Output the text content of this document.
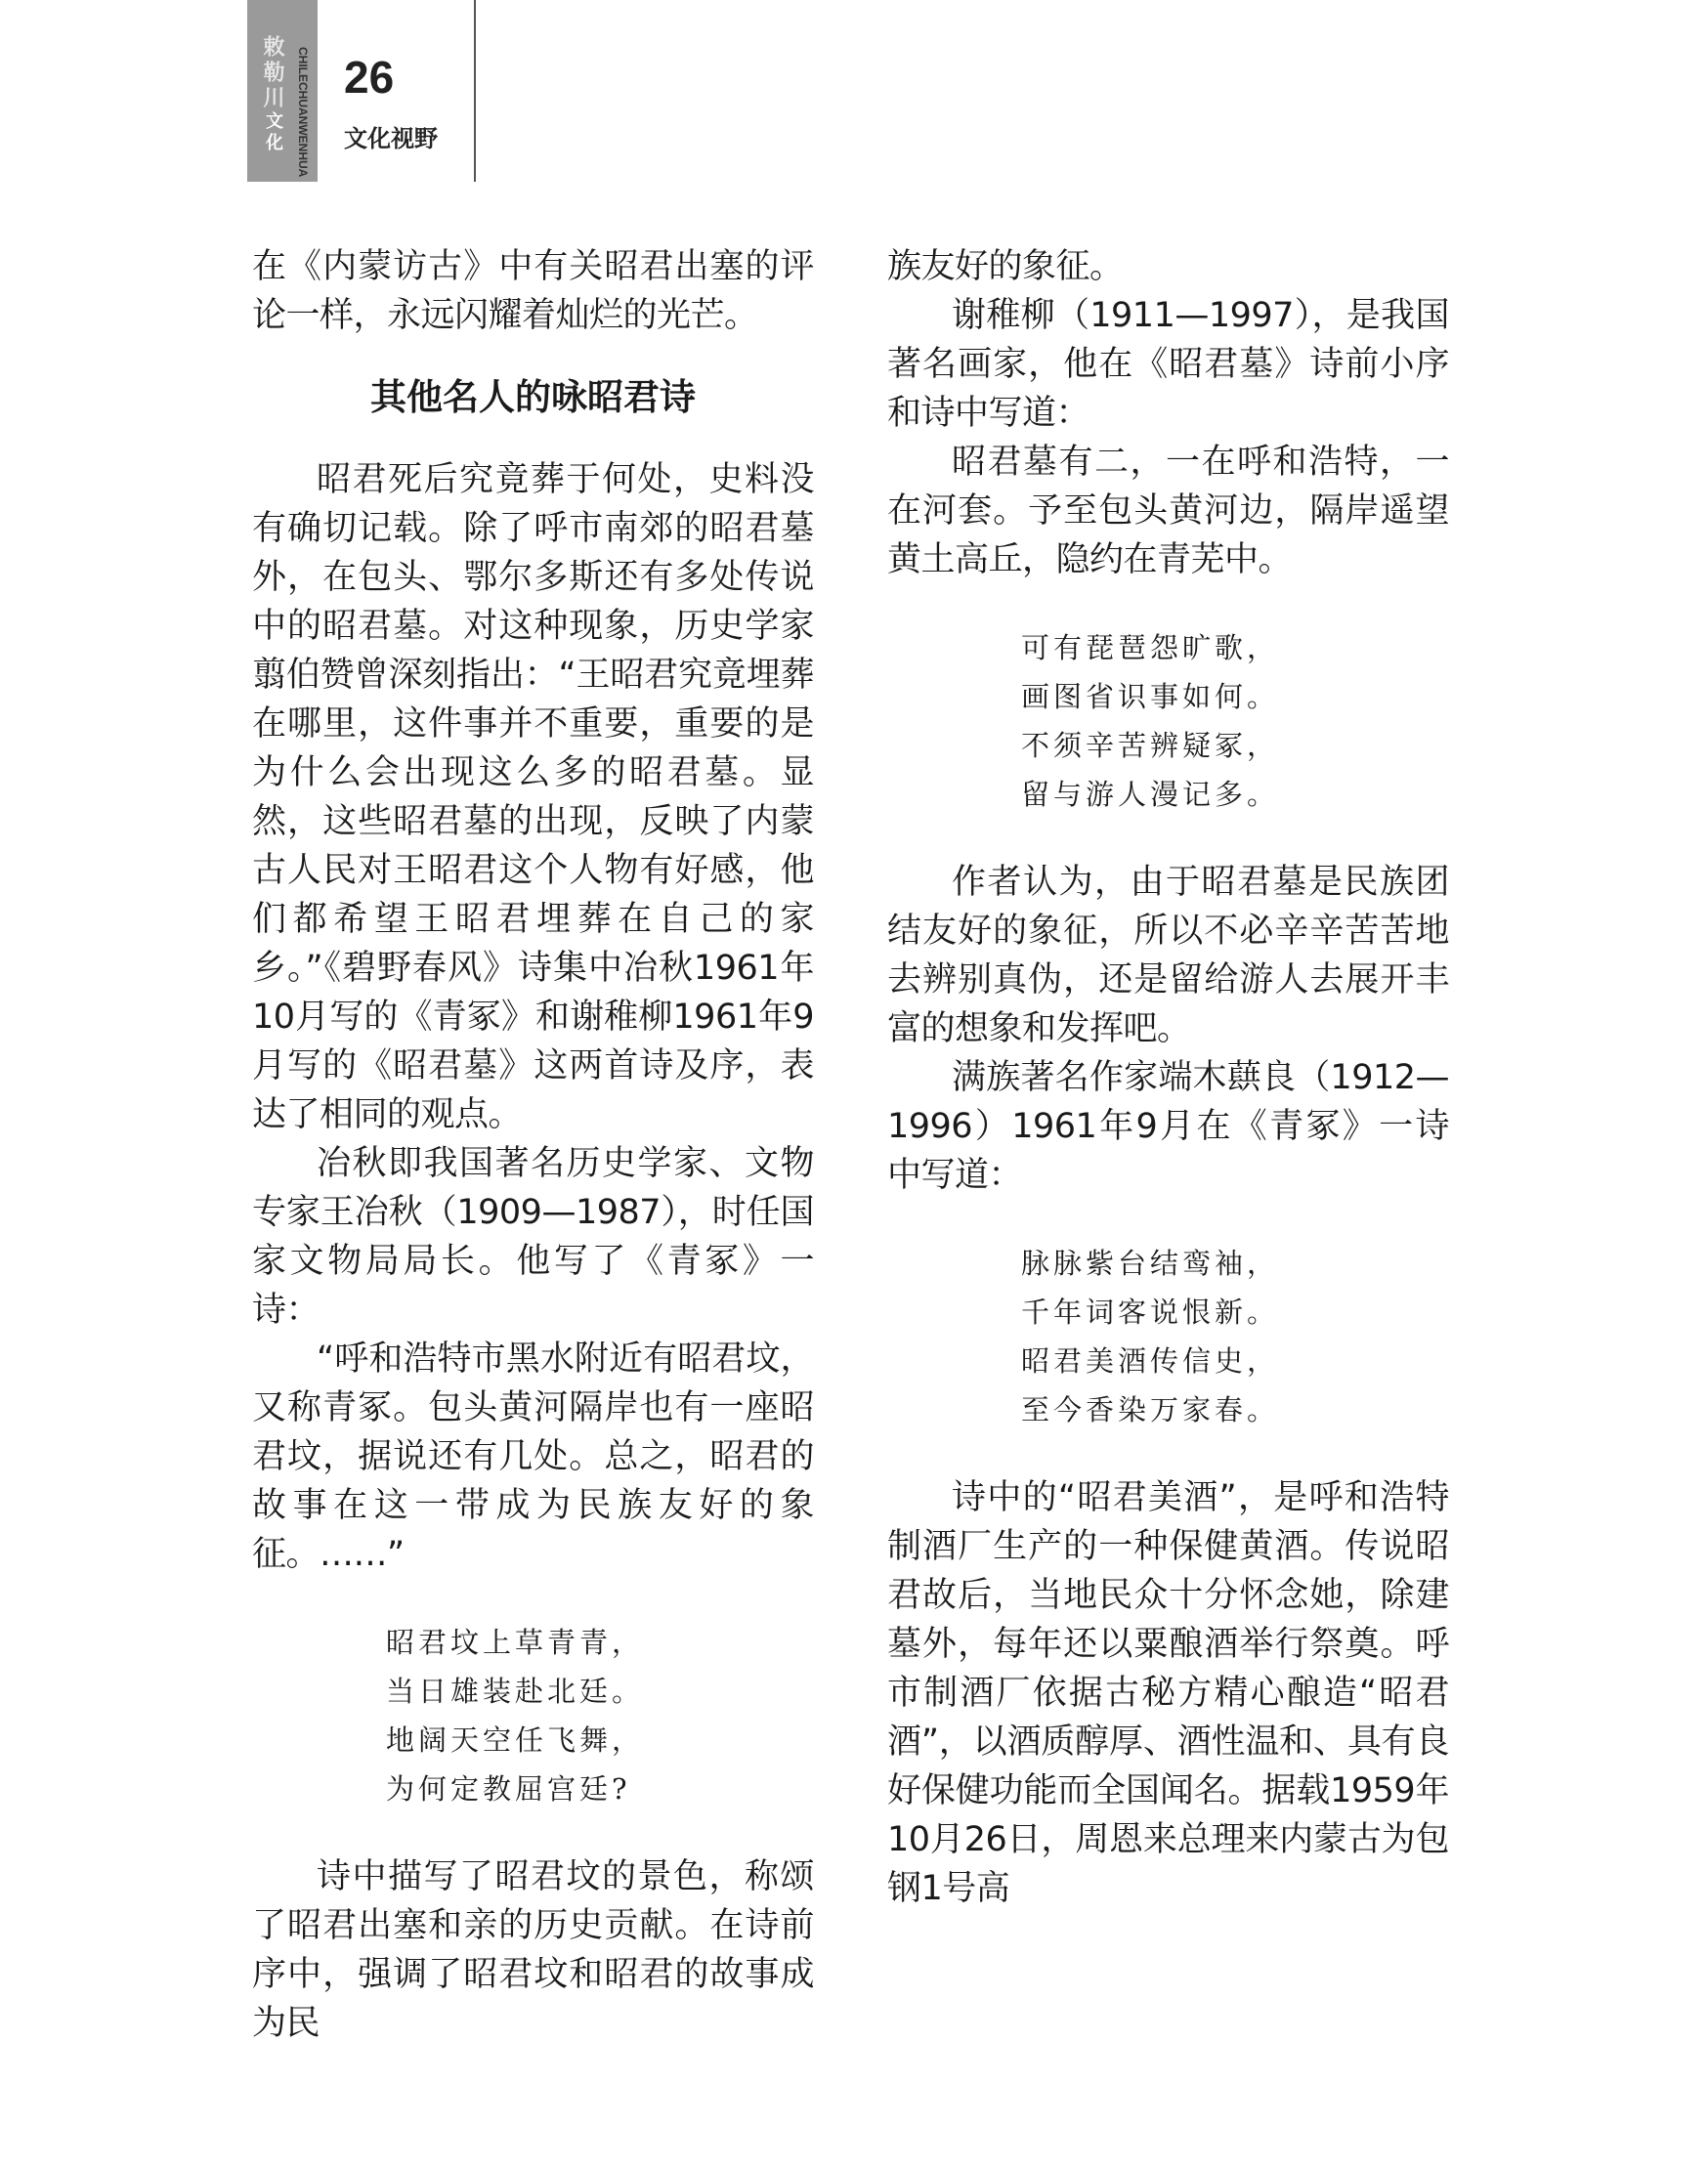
敕勒川文化 CHILECHUANWENHUA 26
文化视野

在《内蒙访古》中有关昭君出塞的评论一样，永远闪耀着灿烂的光芒。

其他名人的咏昭君诗

昭君死后究竟葬于何处，史料没有确切记载。除了呼市南郊的昭君墓外，在包头、鄂尔多斯还有多处传说中的昭君墓。对这种现象，历史学家翦伯赞曾深刻指出：“王昭君究竟埋葬在哪里，这件事并不重要，重要的是为什么会出现这么多的昭君墓。显然，这些昭君墓的出现，反映了内蒙古人民对王昭君这个人物有好感，他们都希望王昭君埋葬在自己的家乡。”《碧野春风》诗集中冶秋1961年10月写的《青冢》和谢稚柳1961年9月写的《昭君墓》这两首诗及序，表达了相同的观点。

冶秋即我国著名历史学家、文物专家王冶秋（1909—1987），时任国家文物局局长。他写了《青冢》一诗：

“呼和浩特市黑水附近有昭君坟，又称青冢。包头黄河隔岸也有一座昭君坟，据说还有几处。总之，昭君的故事在这一带成为民族友好的象征。……”

昭君坟上草青青，
当日雄装赴北廷。
地阔天空任飞舞，
为何定教屈宫廷?

诗中描写了昭君坟的景色，称颂了昭君出塞和亲的历史贡献。在诗前序中，强调了昭君坟和昭君的故事成为民

族友好的象征。

谢稚柳（1911—1997），是我国著名画家，他在《昭君墓》诗前小序和诗中写道：

昭君墓有二，一在呼和浩特，一在河套。予至包头黄河边，隔岸遥望黄土高丘，隐约在青芜中。

可有琵琶怨旷歌，
画图省识事如何。
不须辛苦辨疑冢，
留与游人漫记多。

作者认为，由于昭君墓是民族团结友好的象征，所以不必辛辛苦苦地去辨别真伪，还是留给游人去展开丰富的想象和发挥吧。

满族著名作家端木蕻良（1912—1996）1961年9月在《青冢》一诗中写道：

脉脉紫台结鸾袖，
千年词客说恨新。
昭君美酒传信史，
至今香染万家春。

诗中的“昭君美酒”，是呼和浩特制酒厂生产的一种保健黄酒。传说昭君故后，当地民众十分怀念她，除建墓外，每年还以粟酿酒举行祭奠。呼市制酒厂依据古秘方精心酿造“昭君酒”，以酒质醇厚、酒性温和、具有良好保健功能而全国闻名。据载1959年10月26日，周恩来总理来内蒙古为包钢1号高
